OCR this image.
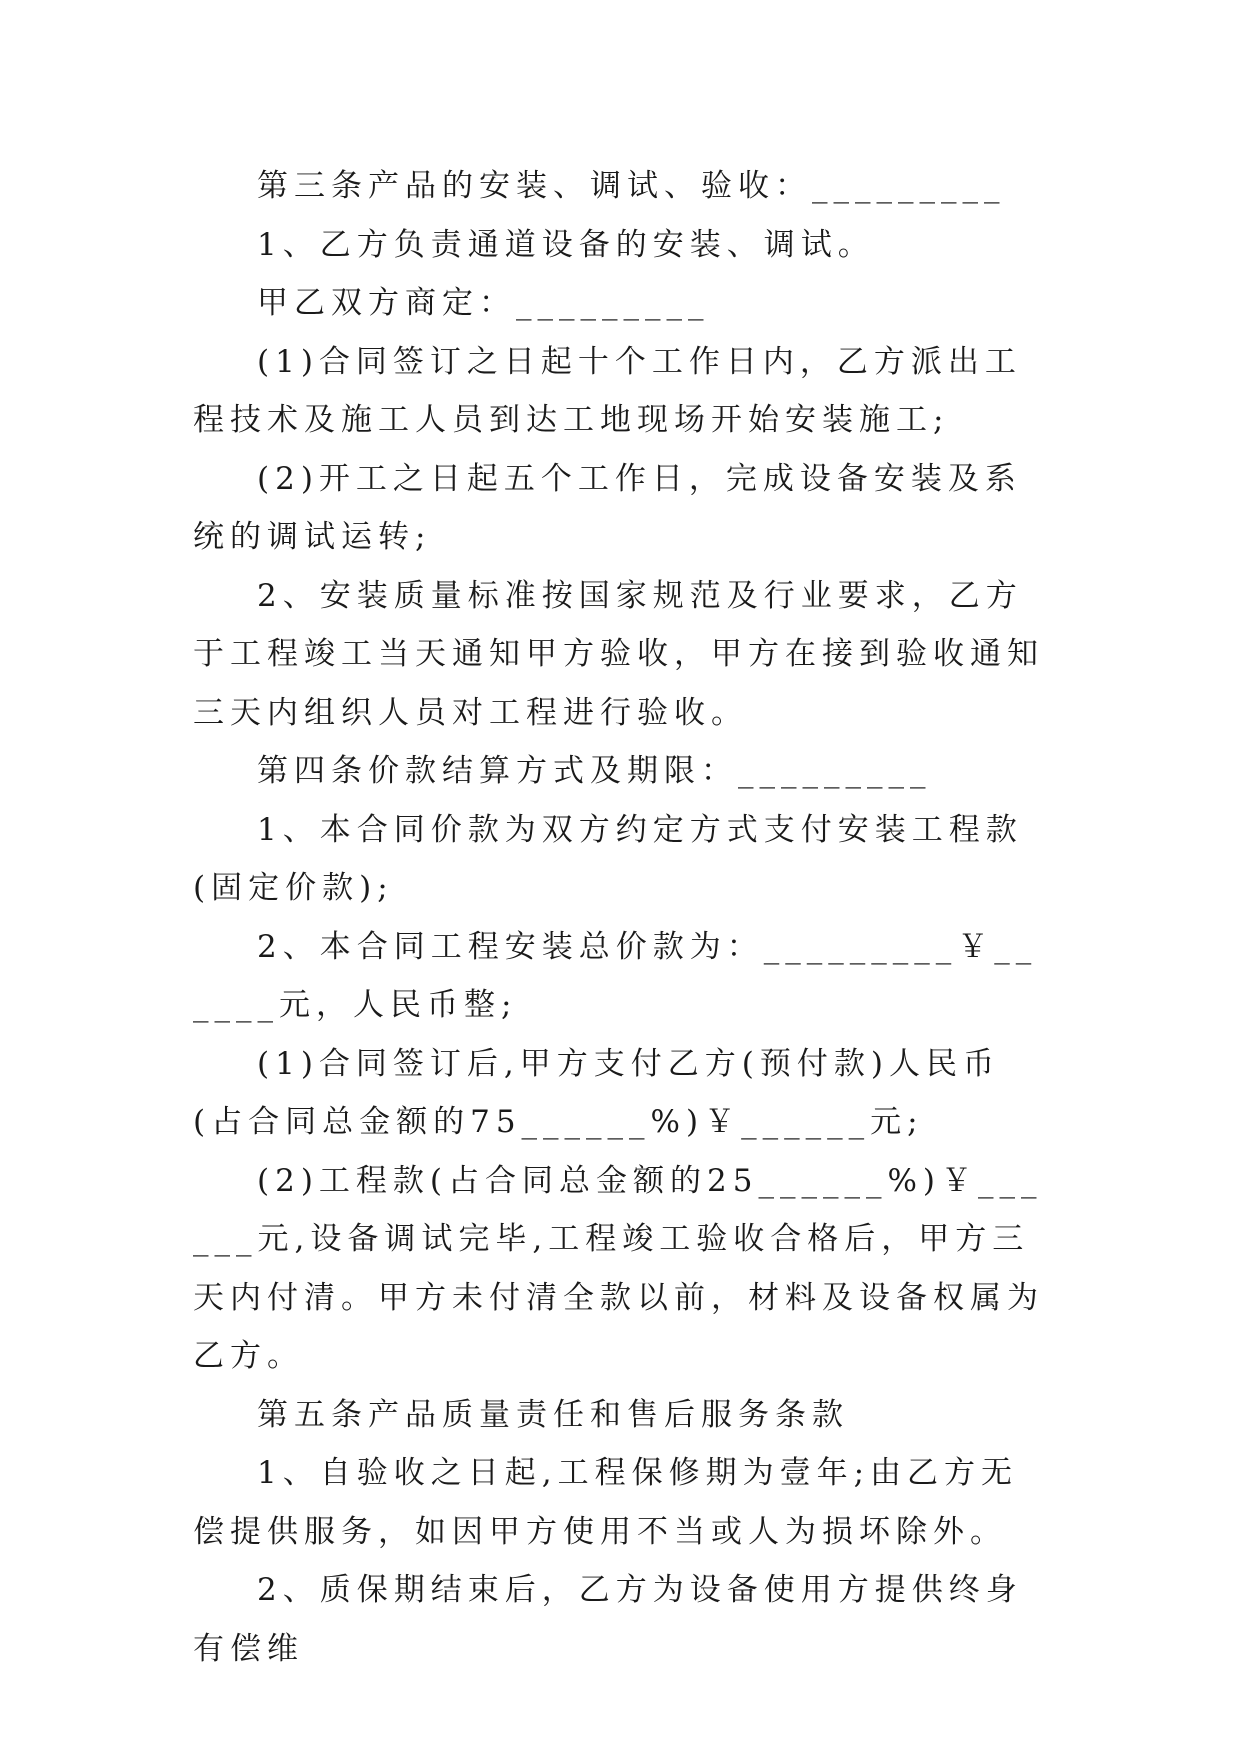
第三条产品的安装、调试、验收：_________

1、乙方负责通道设备的安装、调试。

甲乙双方商定：_________

(1)合同签订之日起十个工作日内，乙方派出工程技术及施工人员到达工地现场开始安装施工;

(2)开工之日起五个工作日，完成设备安装及系统的调试运转;

2、安装质量标准按国家规范及行业要求，乙方于工程竣工当天通知甲方验收，甲方在接到验收通知三天内组织人员对工程进行验收。

第四条价款结算方式及期限：_________

1、本合同价款为双方约定方式支付安装工程款(固定价款);

2、本合同工程安装总价款为：_________￥______元，人民币整;

(1)合同签订后,甲方支付乙方(预付款)人民币(占合同总金额的75______%)￥______元;

(2)工程款(占合同总金额的25______%)￥______元,设备调试完毕,工程竣工验收合格后，甲方三天内付清。甲方未付清全款以前，材料及设备权属为乙方。

第五条产品质量责任和售后服务条款

1、自验收之日起,工程保修期为壹年;由乙方无偿提供服务，如因甲方使用不当或人为损坏除外。

2、质保期结束后，乙方为设备使用方提供终身有偿维
